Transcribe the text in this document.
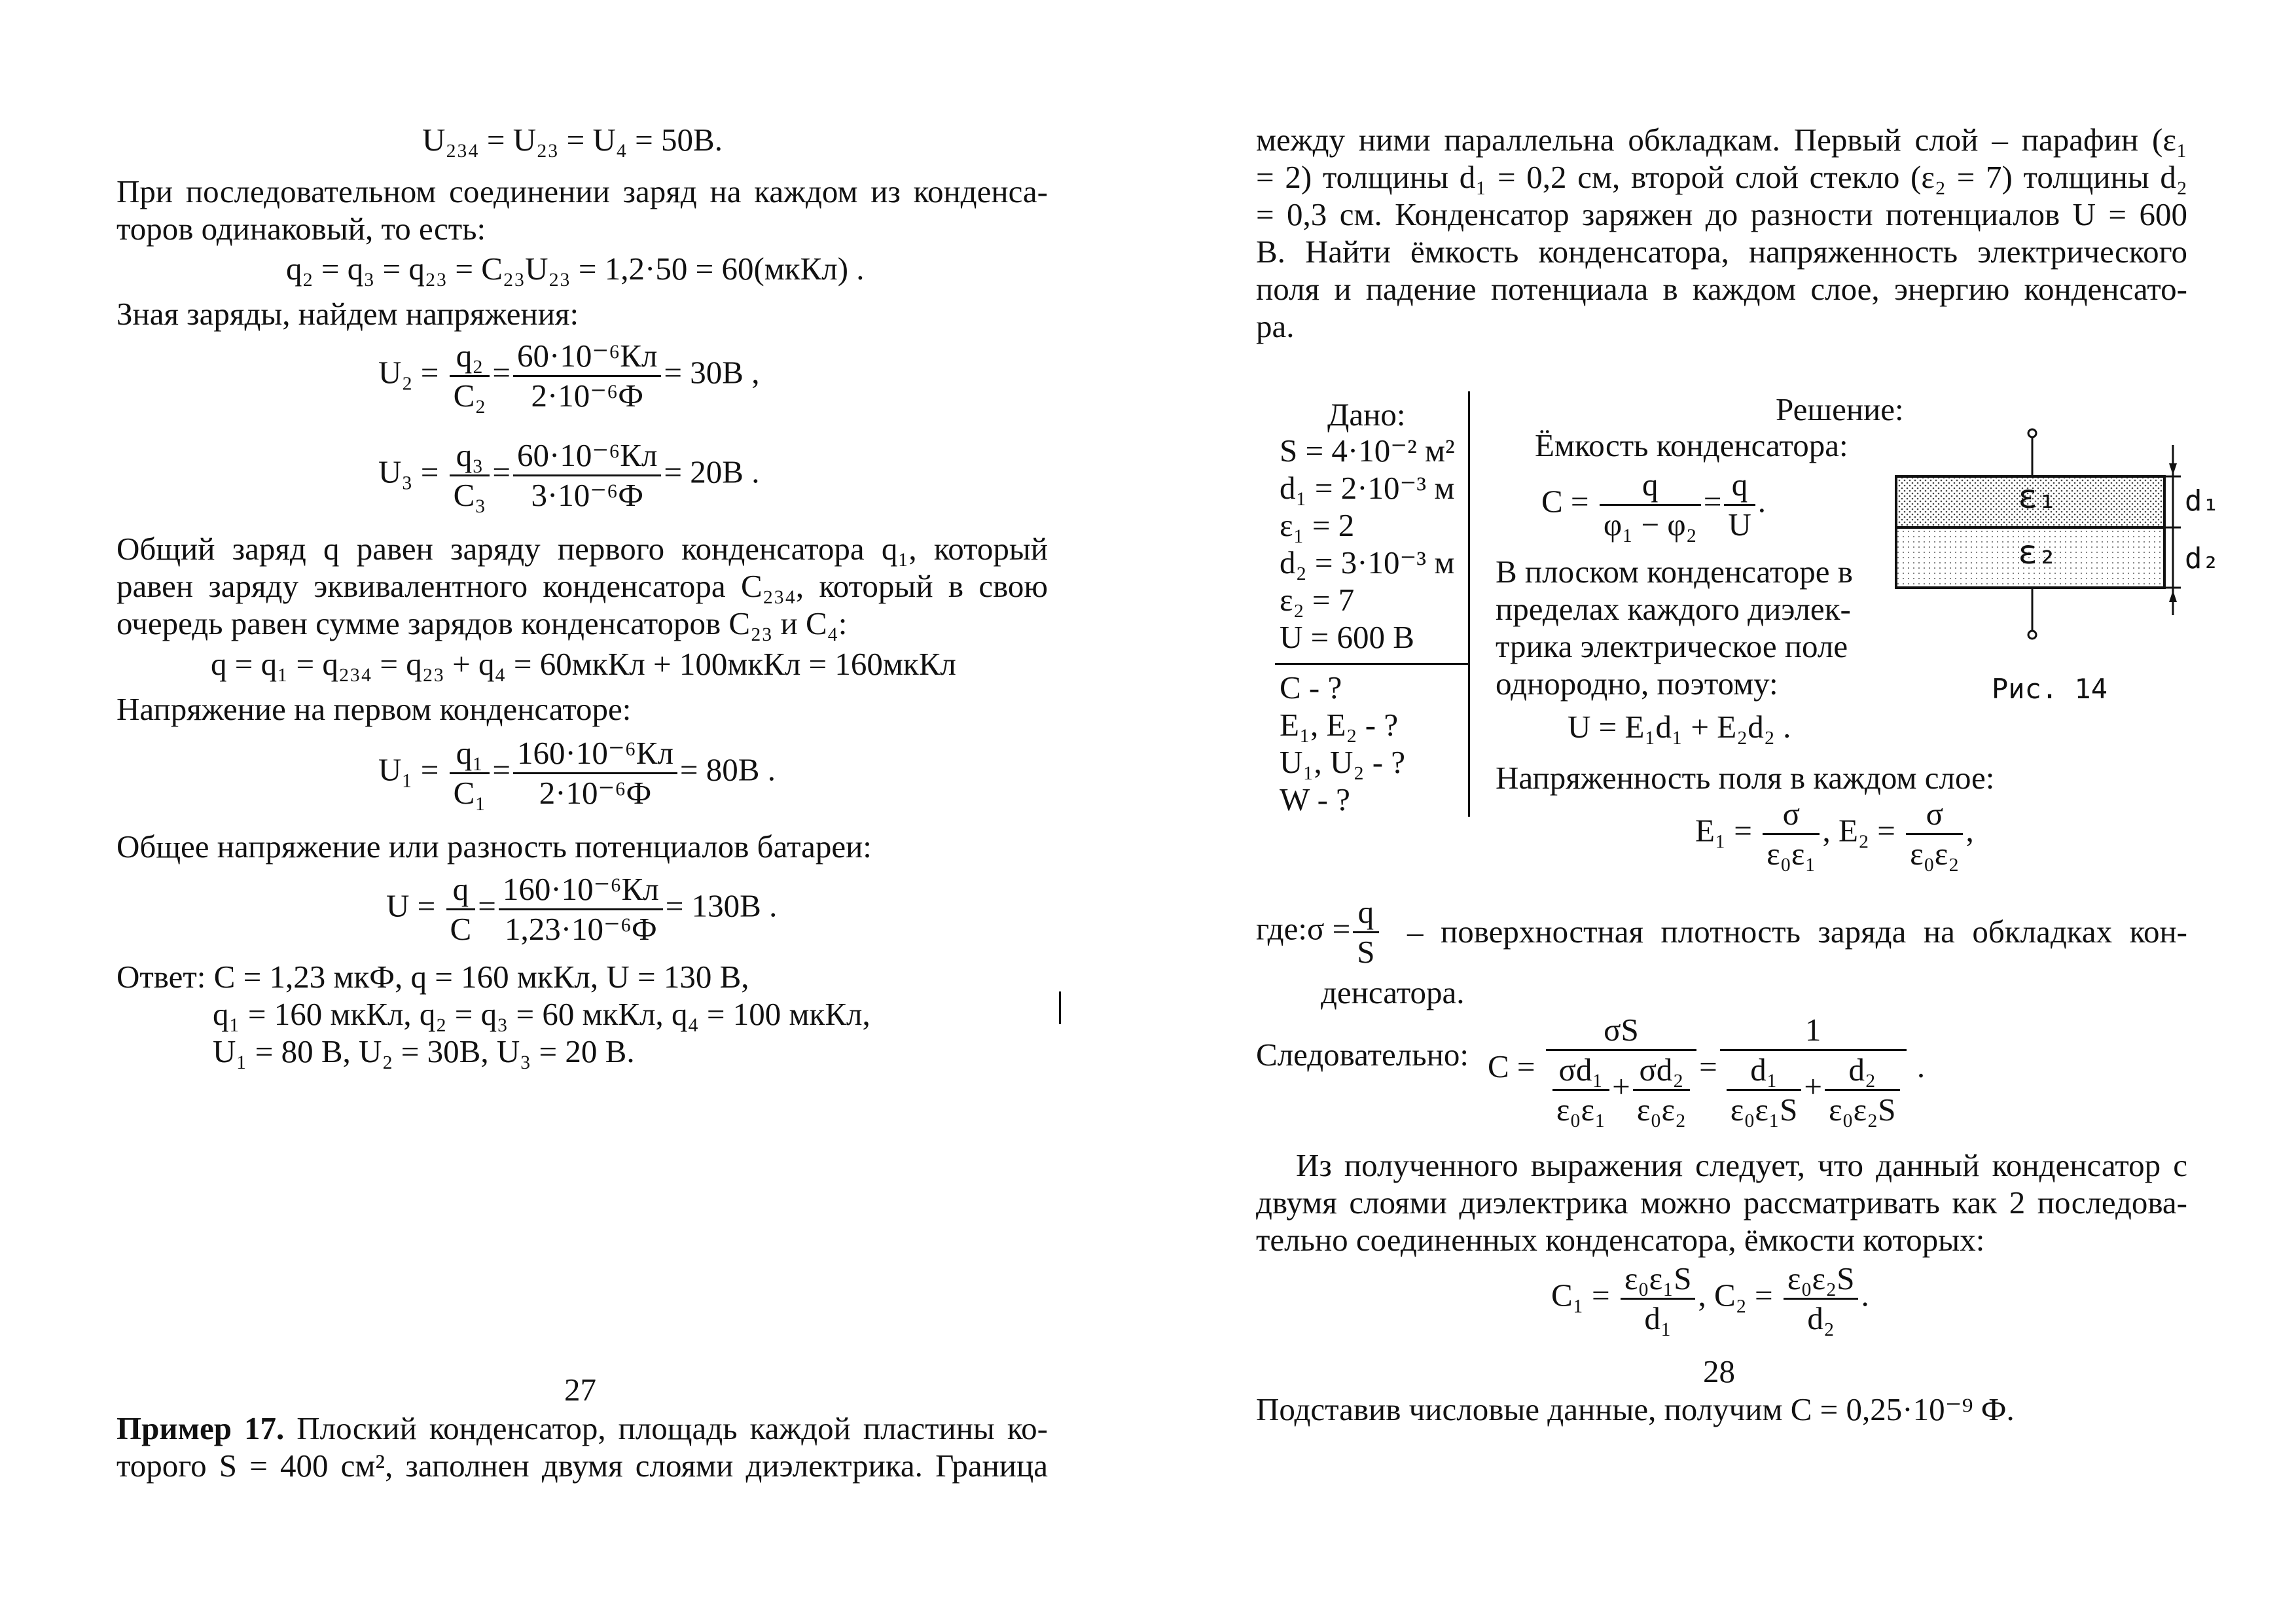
U₂₃₄ = U₂₃ = U₄ = 50В.
При последовательном соединении заряд на каждом из конденса-
торов одинаковый, то есть:
q₂ = q₃ = q₂₃ = C₂₃U₂₃ = 1,2·50 = 60(мкКл) .
Зная заряды, найдем напряжения:
$U_2 = \frac{\text{q₂}}{\text{C₂}} = \frac{\text{60·10⁻⁶Кл}}{\text{2·10⁻⁶Ф}} = 30В$ ,
$U_3 = \frac{\text{q₃}}{\text{C₃}} = \frac{\text{60·10⁻⁶Кл}}{\text{3·10⁻⁶Ф}} = 20В$ .
Общий заряд q равен заряду первого конденсатора q₁, который
равен заряду эквивалентного конденсатора C₂₃₄, который в свою
очередь равен сумме зарядов конденсаторов C₂₃ и C₄:
q = q₁ = q₂₃₄ = q₂₃ + q₄ = 60мкКл + 100мкКл = 160мкКл
Напряжение на первом конденсаторе:
$U_1 = \frac{\text{q₁}}{\text{C₁}} = \frac{\text{160·10⁻⁶Кл}}{\text{2·10⁻⁶Ф}} = 80В$ .
Общее напряжение или разность потенциалов батареи:
$U = \frac{q}{C} = \frac{\text{160·10⁻⁶Кл}}{\text{1,23·10⁻⁶Ф}} = 130В$ .
Ответ: C = 1,23 мкФ, q = 160 мкКл, U = 130 В,
q₁ = 160 мкКл, q₂ = q₃ = 60 мкКл, q₄ = 100 мкКл,
U₁ = 80 В, U₂ = 30В, U₃ = 20 В.
27
Пример 17. Плоский конденсатор, площадь каждой пластины ко-
торого S = 400 см², заполнен двумя слоями диэлектрика. Граница
между ними параллельна обкладкам. Первый слой – парафин (ε₁
= 2) толщины d₁ = 0,2 см, второй слой стекло (ε₂ = 7) толщины d₂
= 0,3 см. Конденсатор заряжен до разности потенциалов U = 600
В. Найти ёмкость конденсатора, напряженность электрического
поля и падение потенциала в каждом слое, энергию конденсато-
ра.
Дано:
S = 4·10⁻² м²
d₁ = 2·10⁻³ м
ε₁ = 2
d₂ = 3·10⁻³ м
ε₂ = 7
U = 600 В
C - ?
E₁, E₂ - ?
U₁, U₂ - ?
W - ?
Решение:
Ёмкость конденсатора:
$C = \frac{q}{\text{φ₁ − φ₂}} = \frac{q}{U}$ .
В плоском конденсаторе в
пределах каждого диэлек-
трика электрическое поле
однородно, поэтому:
U = E₁d₁ + E₂d₂ .
ε₁
ε₂
d₁
d₂
Рис. 14
Напряженность поля в каждом слое:
$E_1 = \frac{\sigma}{\text{ε₀ε₁}}$ , $E_2 = \frac{\sigma}{\text{ε₀ε₂}}$ ,
где:σ = $\frac{q}{S}$ – поверхностная плотность заряда на обкладках кон-
денсатора.
Следовательно: $C = \frac{\sigma S}{\frac{\text{σd₁}}{\text{ε₀ε₁}} + \frac{\text{σd₂}}{\text{ε₀ε₂}}} = \frac{1}{\frac{\text{d₁}}{\text{ε₀ε₁S}} + \frac{\text{d₂}}{\text{ε₀ε₂S}}}$ .
Из полученного выражения следует, что данный конденсатор с
двумя слоями диэлектрика можно рассматривать как 2 последова-
тельно соединенных конденсатора, ёмкости которых:
$C_1 = \frac{\text{ε₀ε₁S}}{\text{d₁}}$ , $C_2 = \frac{\text{ε₀ε₂S}}{\text{d₂}}$ .
28
Подставив числовые данные, получим C = 0,25·10⁻⁹ Ф.
